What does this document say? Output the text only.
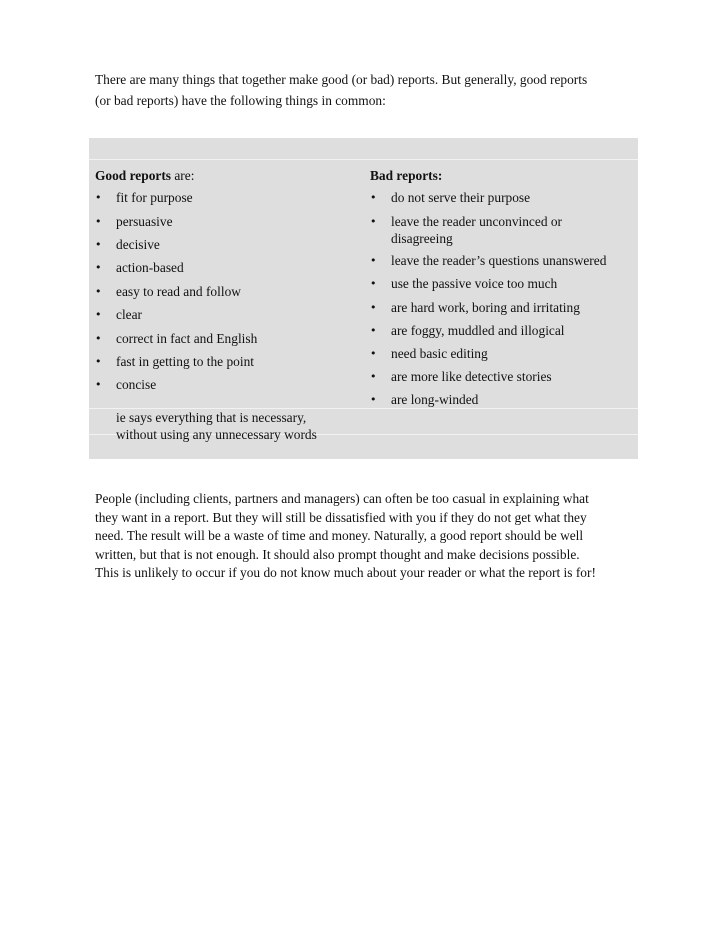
There are many things that together make good (or bad) reports. But generally, good reports
(or bad reports) have the following things in common:

Good reports are:
•	fit for purpose
•	persuasive
•	decisive
•	action-based
•	easy to read and follow
•	clear
•	correct in fact and English
•	fast in getting to the point
•	concise
ie says everything that is necessary,
without using any unnecessary words
Bad reports:
•	do not serve their purpose
•	leave the reader unconvinced or disagreeing
•	leave the reader’s questions unanswered
•	use the passive voice too much
•	are hard work, boring and irritating
•	are foggy, muddled and illogical
•	need basic editing
•	are more like detective stories
•	are long-winded

People (including clients, partners and managers) can often be too casual in explaining what
they want in a report. But they will still be dissatisfied with you if they do not get what they
need. The result will be a waste of time and money. Naturally, a good report should be well
written, but that is not enough. It should also prompt thought and make decisions possible.
This is unlikely to occur if you do not know much about your reader or what the report is for!
